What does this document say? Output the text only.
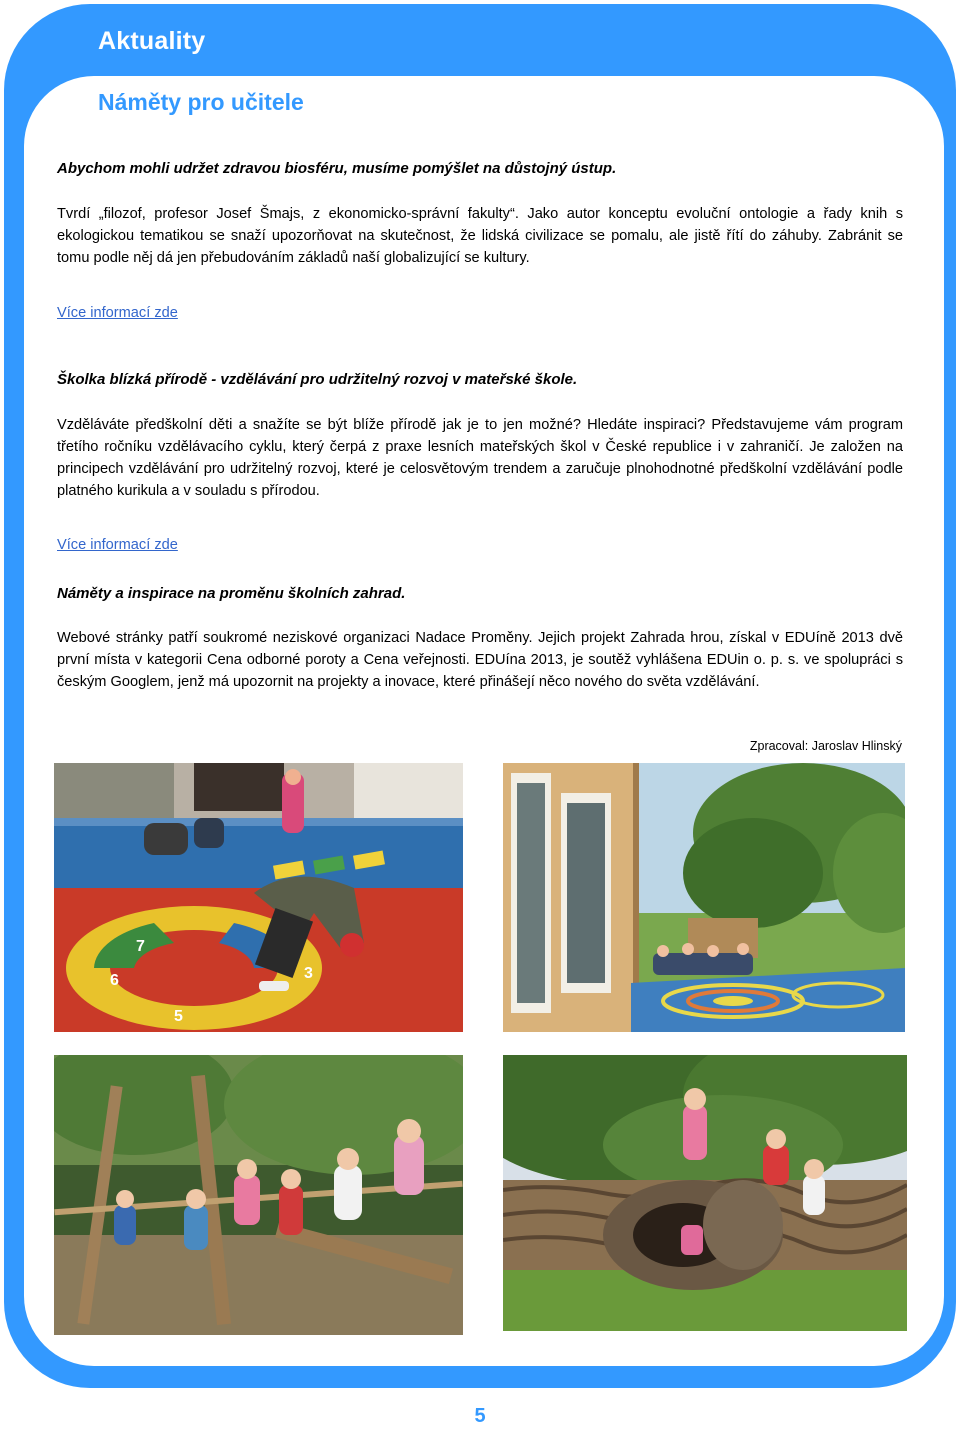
Aktuality
Náměty pro učitele
Abychom mohli udržet zdravou biosféru, musíme pomýšlet na důstojný ústup.
Tvrdí „filozof, profesor Josef Šmajs, z ekonomicko-správní fakulty“. Jako autor konceptu evoluční ontologie a řady knih s ekologickou tematikou se snaží upozorňovat na skutečnost, že lidská civilizace se pomalu, ale jistě řítí do záhuby. Zabránit se tomu podle něj dá jen přebudováním základů naší globalizující se kultury.
Více informací zde
Školka blízká přírodě - vzdělávání pro udržitelný rozvoj v mateřské škole.
Vzděláváte předškolní děti a snažíte se být blíže přírodě jak je to jen možné? Hledáte inspiraci? Představujeme vám program třetího ročníku vzdělávacího cyklu, který čerpá z praxe lesních mateřských škol v České republice i v zahraničí. Je založen na principech vzdělávání pro udržitelný rozvoj, které je celosvětovým trendem a zaručuje plnohodnotné předškolní vzdělávání podle platného kurikula a v souladu s přírodou.
Více informací zde
Náměty a inspirace na proměnu školních zahrad.
Webové stránky patří soukromé neziskové organizaci Nadace Proměny. Jejich projekt Zahrada hrou, získal v EDUíně 2013 dvě první místa v kategorii Cena odborné poroty a Cena veřejnosti. EDUína 2013, je soutěž vyhlášena EDUin o. p. s. ve spolupráci s českým Googlem, jenž má upozornit na projekty a inovace, které přinášejí něco nového do světa vzdělávání.
Zpracoval: Jaroslav Hlinský
7
6	3
5
5
